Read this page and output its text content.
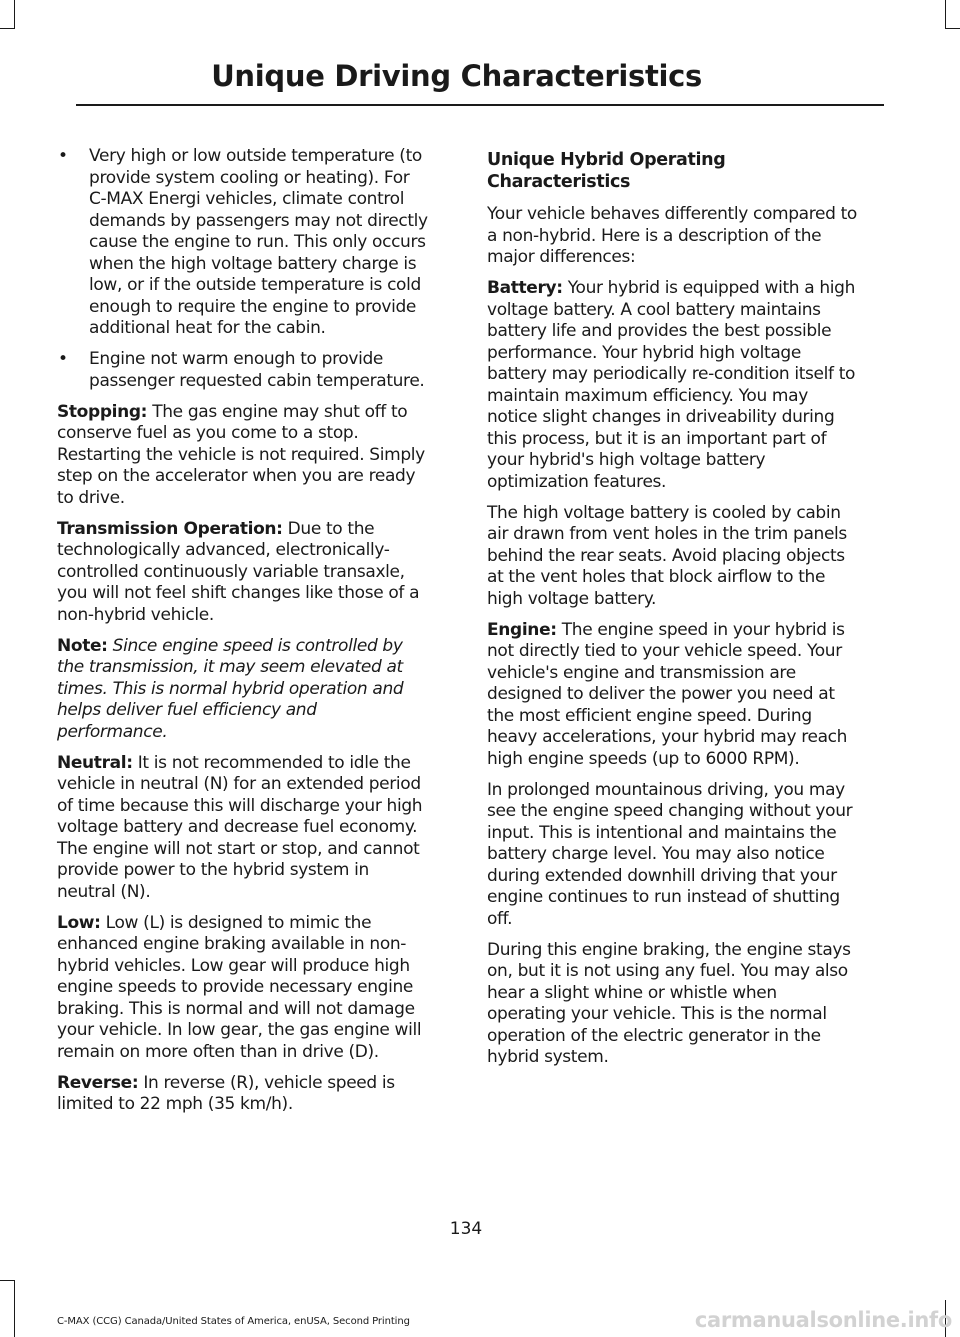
Unique Driving Characteristics
• Very high or low outside temperature (to provide system cooling or heating). For C-MAX Energi vehicles, climate control demands by passengers may not directly cause the engine to run. This only occurs when the high voltage battery charge is low, or if the outside temperature is cold enough to require the engine to provide additional heat for the cabin.
• Engine not warm enough to provide passenger requested cabin temperature.

Stopping: The gas engine may shut off to conserve fuel as you come to a stop. Restarting the vehicle is not required. Simply step on the accelerator when you are ready to drive.

Transmission Operation: Due to the technologically advanced, electronically-controlled continuously variable transaxle, you will not feel shift changes like those of a non-hybrid vehicle.

Note: Since engine speed is controlled by the transmission, it may seem elevated at times. This is normal hybrid operation and helps deliver fuel efficiency and performance.

Neutral: It is not recommended to idle the vehicle in neutral (N) for an extended period of time because this will discharge your high voltage battery and decrease fuel economy. The engine will not start or stop, and cannot provide power to the hybrid system in neutral (N).

Low: Low (L) is designed to mimic the enhanced engine braking available in non-hybrid vehicles. Low gear will produce high engine speeds to provide necessary engine braking. This is normal and will not damage your vehicle. In low gear, the gas engine will remain on more often than in drive (D).

Reverse: In reverse (R), vehicle speed is limited to 22 mph (35 km/h).

Unique Hybrid Operating Characteristics

Your vehicle behaves differently compared to a non-hybrid. Here is a description of the major differences:

Battery: Your hybrid is equipped with a high voltage battery. A cool battery maintains battery life and provides the best possible performance. Your hybrid high voltage battery may periodically re-condition itself to maintain maximum efficiency. You may notice slight changes in driveability during this process, but it is an important part of your hybrid's high voltage battery optimization features.

The high voltage battery is cooled by cabin air drawn from vent holes in the trim panels behind the rear seats. Avoid placing objects at the vent holes that block airflow to the high voltage battery.

Engine: The engine speed in your hybrid is not directly tied to your vehicle speed. Your vehicle's engine and transmission are designed to deliver the power you need at the most efficient engine speed. During heavy accelerations, your hybrid may reach high engine speeds (up to 6000 RPM).

In prolonged mountainous driving, you may see the engine speed changing without your input. This is intentional and maintains the battery charge level. You may also notice during extended downhill driving that your engine continues to run instead of shutting off.

During this engine braking, the engine stays on, but it is not using any fuel. You may also hear a slight whine or whistle when operating your vehicle. This is the normal operation of the electric generator in the hybrid system.

134
C-MAX (CCG) Canada/United States of America, enUSA, Second Printing	carmanualsonline.info
